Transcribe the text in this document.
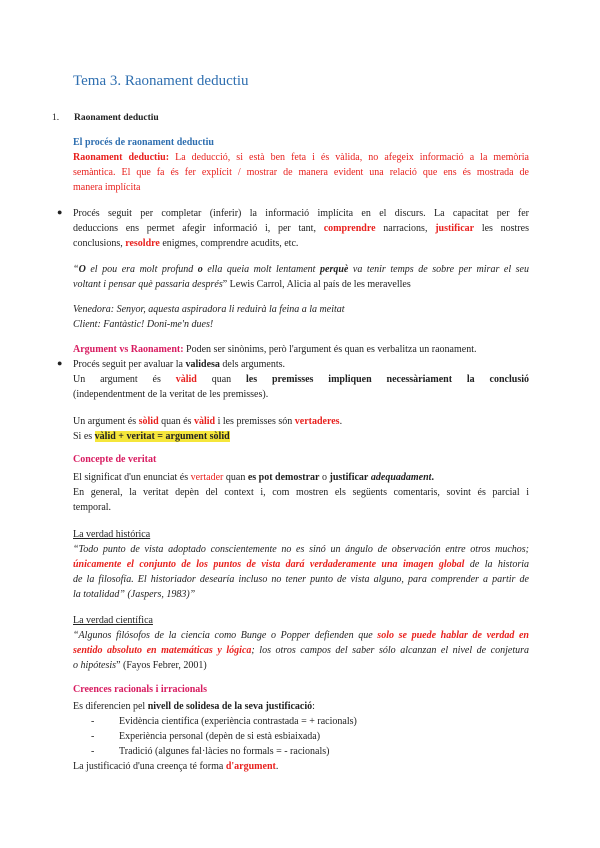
Tema 3. Raonament deductiu
1. Raonament deductiu
El procés de raonament deductiu
Raonament deductiu: La deducció, si està ben feta i és vàlida, no afegeix informació a la memòria
semàntica. El que fa és fer explícit / mostrar de manera evident una relació que ens és mostrada de
manera implícita
● Procés seguit per completar (inferir) la informació implícita en el discurs. La capacitat per fer
deduccions ens permet afegir informació i, per tant, comprendre narracions, justificar les nostres
conclusions, resoldre enigmes, comprendre acudits, etc.
“O el pou era molt profund o ella queia molt lentament perquè va tenir temps de sobre per mirar el seu
voltant i pensar què passaria després” Lewis Carrol, Alicia al país de les meravelles
Venedora: Senyor, aquesta aspiradora li reduirà la feina a la meitat
Client: Fantàstic! Doni-me'n dues!
Argument vs Raonament: Poden ser sinònims, però l'argument és quan es verbalitza un raonament.
● Procés seguit per avaluar la validesa dels arguments.
Un argument és vàlid quan les premisses impliquen necessàriament la conclusió
(independentment de la veritat de les premisses).
Un argument és sòlid quan és vàlid i les premisses són vertaderes.
Si es vàlid + veritat = argument sòlid
Concepte de veritat
El significat d'un enunciat és vertader quan es pot demostrar o justificar adequadament.
En general, la veritat depèn del context i, com mostren els següents comentaris, sovint és parcial i
temporal.
La verdad histórica
“Todo punto de vista adoptado conscientemente no es sinó un ángulo de observación entre otros muchos;
únicamente el conjunto de los puntos de vista dará verdaderamente una imagen global de la historia
de la filosofía. El historiador desearía incluso no tener punto de vista alguno, para comprender a partir de
la totalidad” (Jaspers, 1983)”
La verdad científica
“Algunos filósofos de la ciencia como Bunge o Popper defienden que solo se puede hablar de verdad en
sentido absoluto en matemáticas y lógica; los otros campos del saber sólo alcanzan el nivel de conjetura
o hipótesis” (Fayos Febrer, 2001)
Creences racionals i irracionals
Es diferencien pel nivell de solidesa de la seva justificació:
- Evidència científica (experiència contrastada = + racionals)
- Experiència personal (depèn de si està esbiaixada)
- Tradició (algunes fal·làcies no formals = - racionals)
La justificació d'una creença té forma d'argument.
